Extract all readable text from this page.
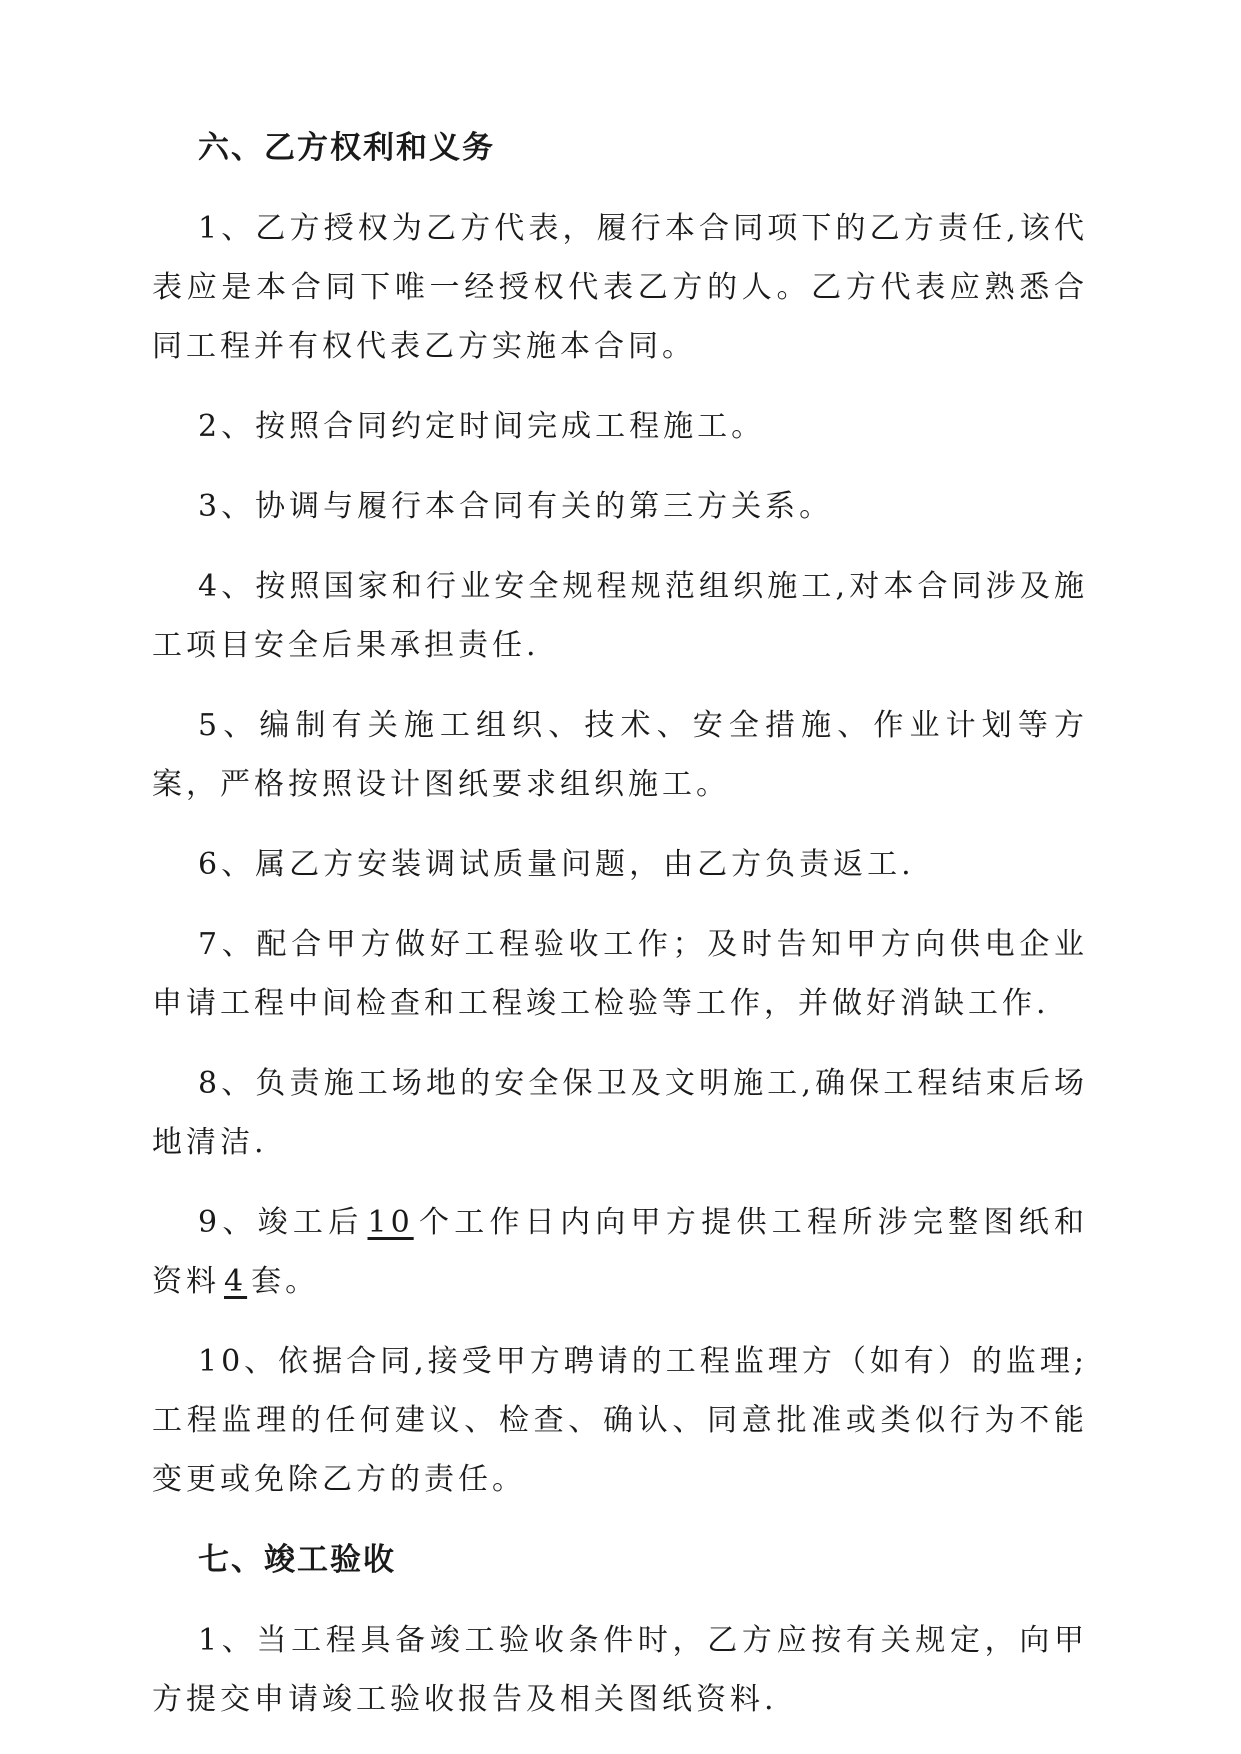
六、乙方权利和义务

1、乙方授权为乙方代表，履行本合同项下的乙方责任,该代表应是本合同下唯一经授权代表乙方的人。乙方代表应熟悉合同工程并有权代表乙方实施本合同。

2、按照合同约定时间完成工程施工。

3、协调与履行本合同有关的第三方关系。

4、按照国家和行业安全规程规范组织施工,对本合同涉及施工项目安全后果承担责任.

5、编制有关施工组织、技术、安全措施、作业计划等方案，严格按照设计图纸要求组织施工。

6、属乙方安装调试质量问题，由乙方负责返工.

7、配合甲方做好工程验收工作；及时告知甲方向供电企业申请工程中间检查和工程竣工检验等工作，并做好消缺工作.

8、负责施工场地的安全保卫及文明施工,确保工程结束后场地清洁.

9、竣工后 10 个工作日内向甲方提供工程所涉完整图纸和资料 4 套。

10、依据合同,接受甲方聘请的工程监理方（如有）的监理;工程监理的任何建议、检查、确认、同意批准或类似行为不能变更或免除乙方的责任。

七、竣工验收

1、当工程具备竣工验收条件时，乙方应按有关规定，向甲方提交申请竣工验收报告及相关图纸资料.
